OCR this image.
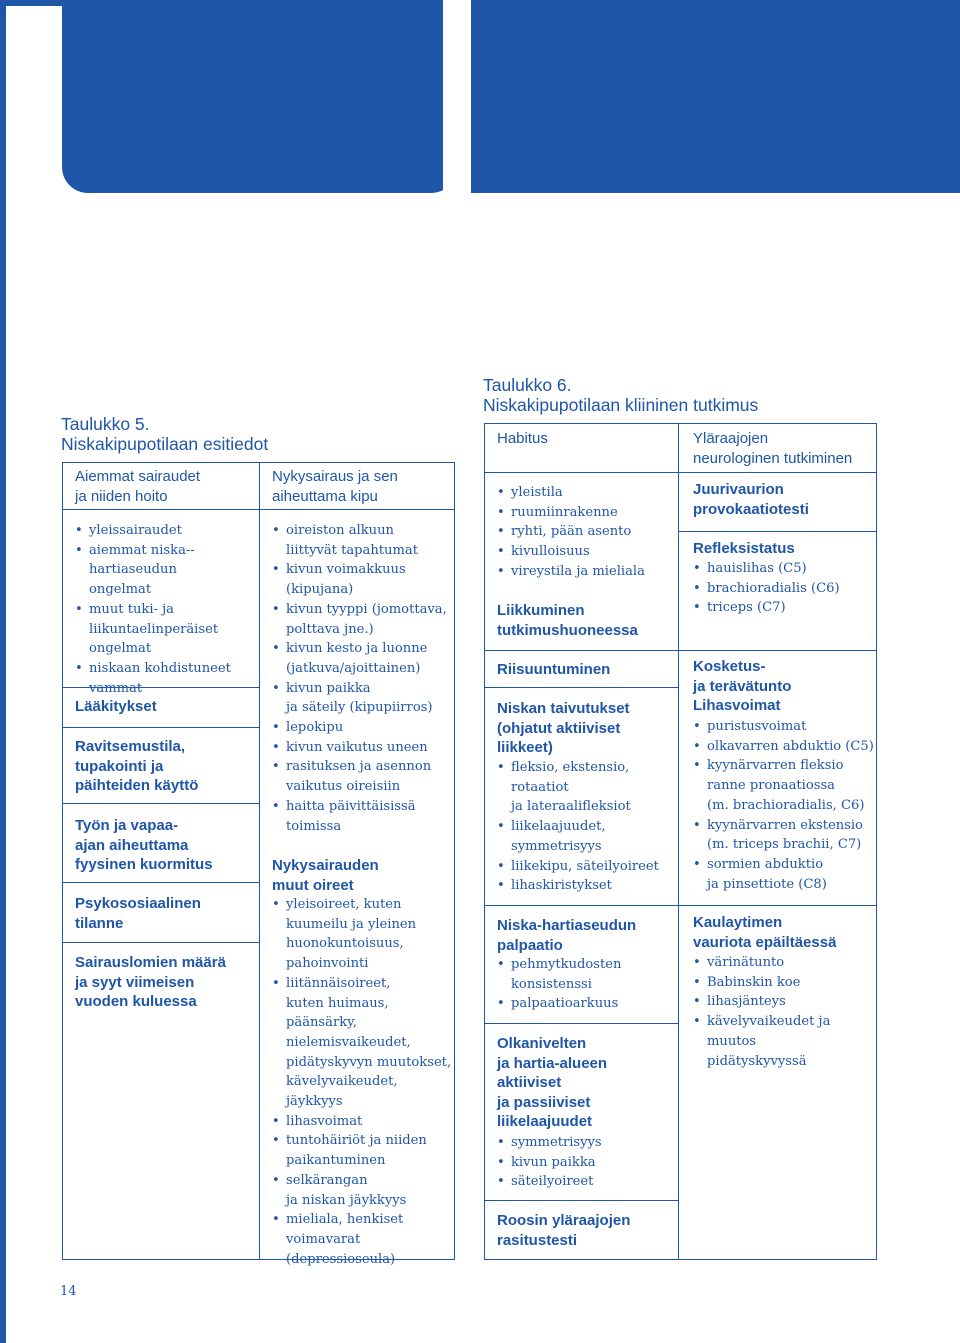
Taulukko 5.
Niskakipupotilaan esitiedot
Aiemmat sairaudet
ja niiden hoito
• yleissairaudet
• aiemmat niska-hartiaseudun ongelmat
• muut tuki- ja liikuntaelinperäiset ongelmat
• niskaan kohdistuneet vammat
Lääkitykset
Ravitsemustila,
tupakointi ja
päihteiden käyttö
Työn ja vapaa-
ajan aiheuttama
fyysinen kuormitus
Psykososiaalinen
tilanne
Sairauslomien määrä
ja syyt viimeisen
vuoden kuluessa
Nykysairaus ja sen
aiheuttama kipu
• oireiston alkuun
liittyvät tapahtumat
• kivun voimakkuus
(kipujana)
• kivun tyyppi (jomottava,
polttava jne.)
• kivun kesto ja luonne
(jatkuva/ajoittainen)
• kivun paikka
ja säteily (kipupiirros)
• lepokipu
• kivun vaikutus uneen
• rasituksen ja asennon
vaikutus oireisiin
• haitta päivittäisissä
toimissa
Nykysairauden
muut oireet
• yleisoireet, kuten
kuumeilu ja yleinen
huonokuntoisuus,
pahoinvointi
• liitännäisoireet,
kuten huimaus,
päänsärky,
nielemisvaikeudet,
pidätyskyvyn muutokset,
kävelyvaikeudet, jäykkyys
• lihasvoimat
• tuntohäiriöt ja niiden
paikantuminen
• selkärangan
ja niskan jäykkyys
• mieliala, henkiset
voimavarat
(depressioseula)
Taulukko 6.
Niskakipupotilaan kliininen tutkimus
Habitus
• yleistila
• ruumiinrakenne
• ryhti, pään asento
• kivulloisuus
• vireystila ja mieliala
Liikkuminen
tutkimushuoneessa
Riisuuntuminen
Niskan taivutukset
(ohjatut aktiiviset
liikkeet)
• fleksio, ekstensio, rotaatiot
ja lateraalifleksiot
• liikelaajuudet,
symmetrisyys
• liikekipu, säteilyoireet
• lihaskiristykset
Niska-hartiaseudun
palpaatio
• pehmytkudosten
konsistenssi
• palpaatioarkuus
Olkanivelten
ja hartia-alueen
aktiiviset
ja passiiviset
liikelaajuudet
• symmetrisyys
• kivun paikka
• säteilyoireet
Roosin yläraajojen
rasitustesti
Yläraajojen
neurologinen tutkiminen
Juurivaurion
provokaatiotesti
Refleksistatus
• hauislihas (C5)
• brachioradialis (C6)
• triceps (C7)
Kosketus-
ja terävätunto
Lihasvoimat
• puristusvoimat
• olkavarren abduktio (C5)
• kyynärvarren fleksio
ranne pronaatiossa
(m. brachioradialis, C6)
• kyynärvarren ekstensio
(m. triceps brachii, C7)
• sormien abduktio
ja pinsettiote (C8)
Kaulaytimen
vauriota epäiltäessä
• värinätunto
• Babinskin koe
• lihasjänteys
• kävelyvaikeudet ja muutos
pidätyskyvyssä
14
